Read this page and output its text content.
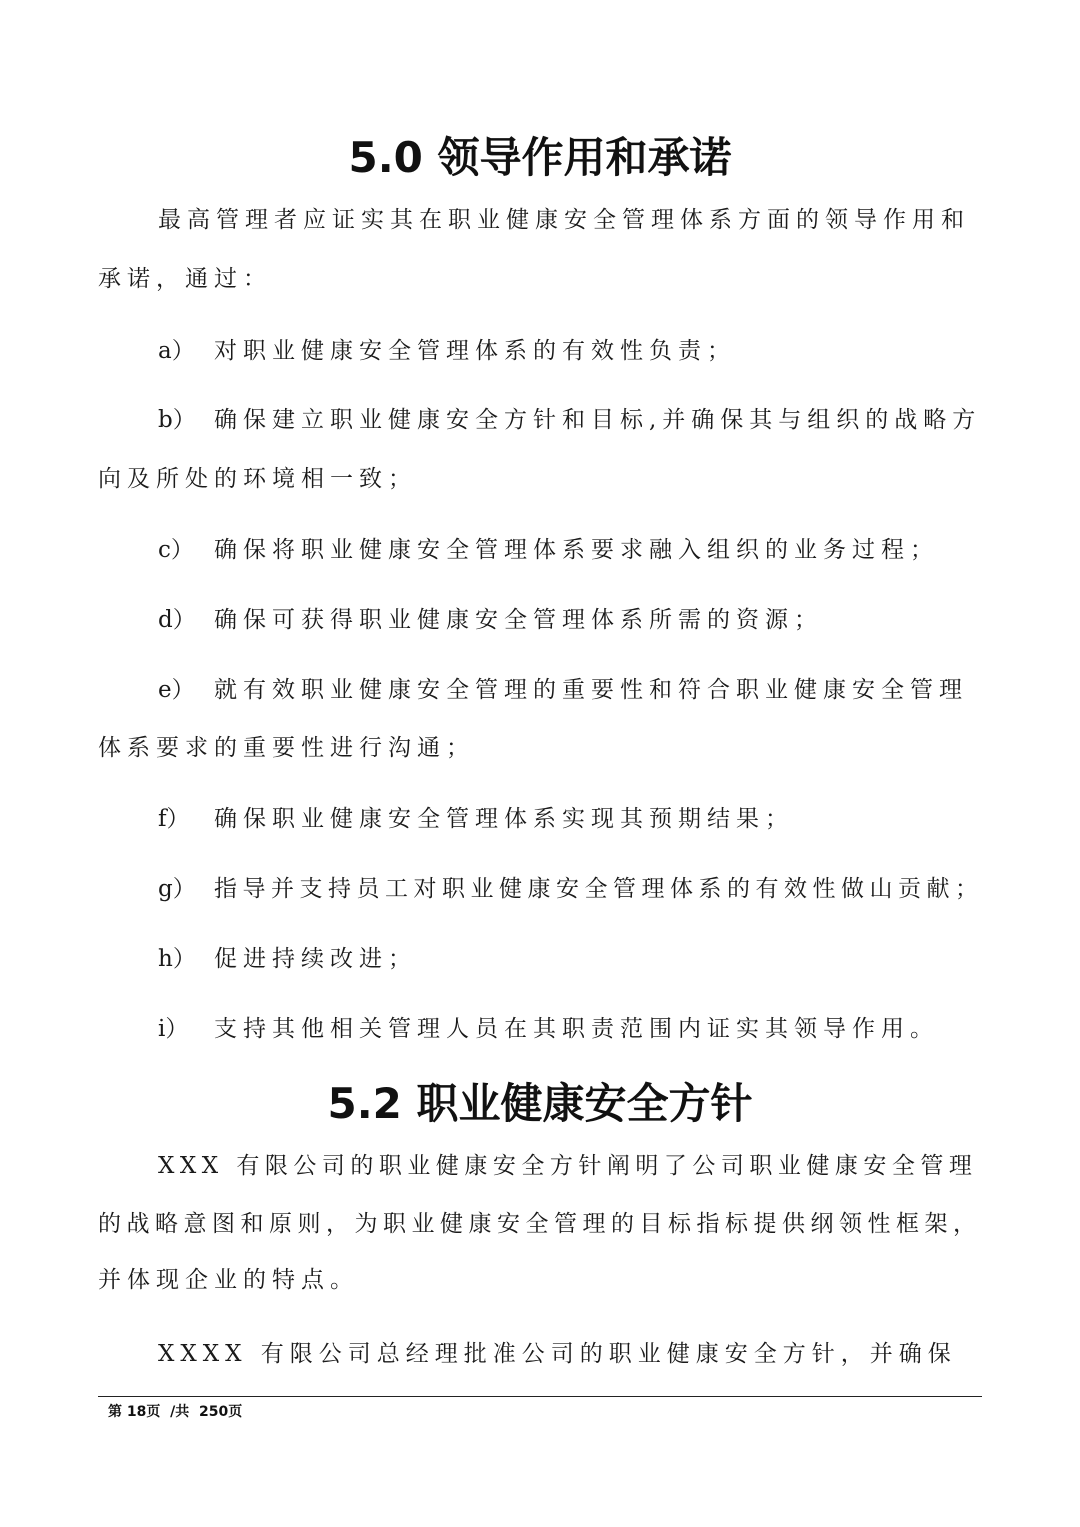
5.0 领导作用和承诺
最高管理者应证实其在职业健康安全管理体系方面的领导作用和
承诺，通过：
a） 对职业健康安全管理体系的有效性负责；
b） 确保建立职业健康安全方针和目标,并确保其与组织的战略方
向及所处的环境相一致；
c） 确保将职业健康安全管理体系要求融入组织的业务过程；
d） 确保可获得职业健康安全管理体系所需的资源；
e） 就有效职业健康安全管理的重要性和符合职业健康安全管理
体系要求的重要性进行沟通；
f） 确保职业健康安全管理体系实现其预期结果；
g） 指导并支持员工对职业健康安全管理体系的有效性做山贡献；
h） 促进持续改进；
i） 支持其他相关管理人员在其职责范围内证实其领导作用。
5.2 职业健康安全方针
XXX 有限公司的职业健康安全方针阐明了公司职业健康安全管理
的战略意图和原则，为职业健康安全管理的目标指标提供纲领性框架，
并体现企业的特点。
XXXX 有限公司总经理批准公司的职业健康安全方针，并确保
第 18页  /共  250页
